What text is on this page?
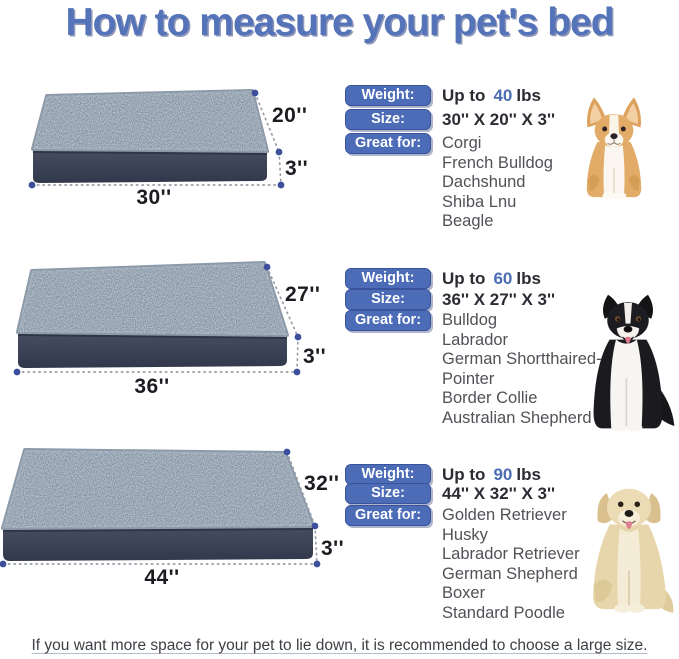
How to measure your pet's bed
20''
3''
30''
Weight:	Up to 40 lbs
Size:	30'' X 20'' X 3''
Great for:	Corgi
French Bulldog
Dachshund
Shiba Lnu
Beagle
27''
3''
36''
Weight:	Up to 60 lbs
Size:	36'' X 27'' X 3''
Great for:	Bulldog
Labrador
German Shortthaired-
Pointer
Border Collie
Australian Shepherd
32''
3''
44''
Weight:	Up to 90 lbs
Size:	44'' X 32'' X 3''
Great for:	Golden Retriever
Husky
Labrador Retriever
German Shepherd
Boxer
Standard Poodle

If you want more space for your pet to lie down, it is recommended to choose a large size.
